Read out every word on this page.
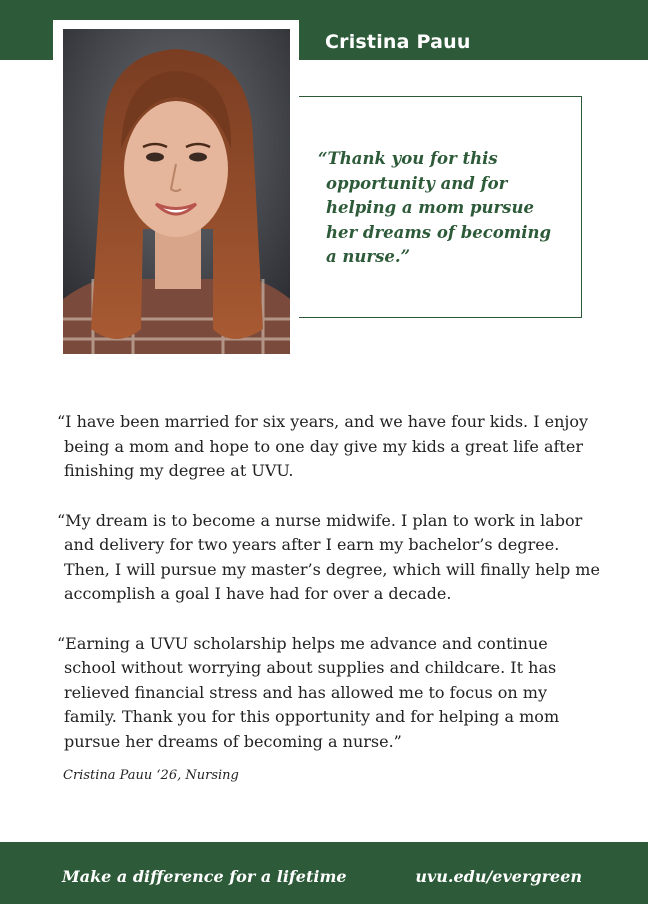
Cristina Pauu
“Thank you for this opportunity and for helping a mom pursue her dreams of becoming a nurse.”

“I have been married for six years, and we have four kids. I enjoy being a mom and hope to one day give my kids a great life after finishing my degree at UVU.

“My dream is to become a nurse midwife. I plan to work in labor and delivery for two years after I earn my bachelor’s degree. Then, I will pursue my master’s degree, which will finally help me accomplish a goal I have had for over a decade.

“Earning a UVU scholarship helps me advance and continue school without worrying about supplies and childcare. It has relieved financial stress and has allowed me to focus on my family. Thank you for this opportunity and for helping a mom pursue her dreams of becoming a nurse.”

Cristina Pauu ‘26, Nursing
Make a difference for a lifetime	uvu.edu/evergreen
